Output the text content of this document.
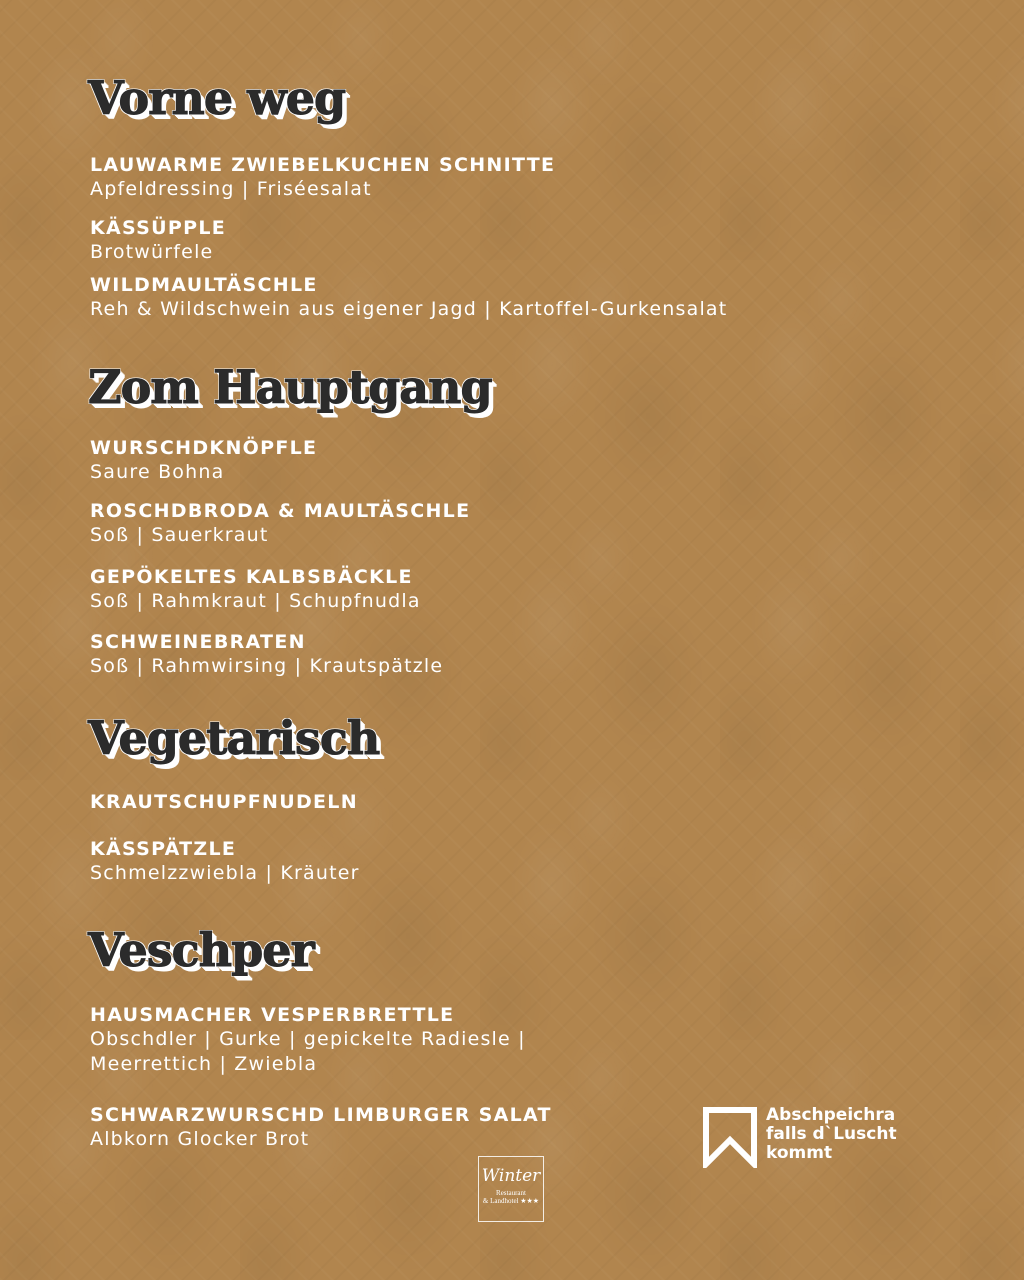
Vorne weg
LAUWARME ZWIEBELKUCHEN SCHNITTE
Apfeldressing | Friséesalat
KÄSSÜPPLE
Brotwürfele
WILDMAULTÄSCHLE
Reh & Wildschwein aus eigener Jagd | Kartoffel-Gurkensalat
Zom Hauptgang
WURSCHDKNÖPFLE
Saure Bohna
ROSCHDBRODA & MAULTÄSCHLE
Soß | Sauerkraut
GEPÖKELTES KALBSBÄCKLE
Soß | Rahmkraut | Schupfnudla
SCHWEINEBRATEN
Soß | Rahmwirsing | Krautspätzle
Vegetarisch
KRAUTSCHUPFNUDELN
KÄSSPÄTZLE
Schmelzzwiebla | Kräuter
Veschper
HAUSMACHER VESPERBRETTLE
Obschdler | Gurke | gepickelte Radiesle |
Meerrettich | Zwiebla
SCHWARZWURSCHD LIMBURGER SALAT
Albkorn Glocker Brot
Abschpeichra
falls d`Luscht
kommt
Winter
Restaurant
& Landhotel ★★★
